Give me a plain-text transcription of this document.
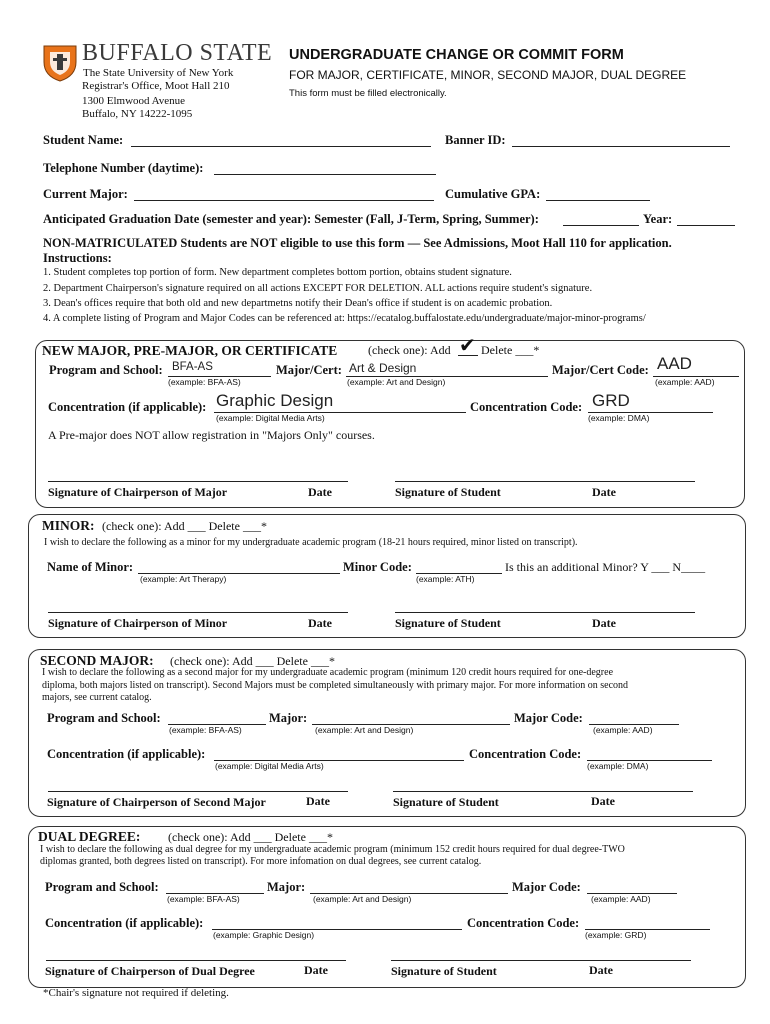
BUFFALO STATE
The State University of New York
Registrar's Office, Moot Hall 210
1300 Elmwood Avenue
Buffalo, NY 14222-1095
UNDERGRADUATE CHANGE OR COMMIT FORM
FOR MAJOR, CERTIFICATE, MINOR, SECOND MAJOR, DUAL DEGREE
This form must be filled electronically.
Student Name:	Banner ID:
Telephone Number (daytime):
Current Major:	Cumulative GPA:
Anticipated Graduation Date (semester and year): Semester (Fall, J-Term, Spring, Summer):	Year:
NON-MATRICULATED Students are NOT eligible to use this form — See Admissions, Moot Hall 110 for application.
Instructions:
1. Student completes top portion of form. New department completes bottom portion, obtains student signature.
2. Department Chairperson's signature required on all actions EXCEPT FOR DELETION. ALL actions require student's signature.
3. Dean's offices require that both old and new departmetns notify their Dean's office if student is on academic probation.
4. A complete listing of Program and Major Codes can be referenced at: https://ecatalog.buffalostate.edu/undergraduate/major-minor-programs/
NEW MAJOR, PRE-MAJOR, OR CERTIFICATE	(check one): Add ✔ Delete ___*
Program and School: BFA-AS
(example: BFA-AS)
Major/Cert: Art & Design
(example: Art and Design)
Major/Cert Code: AAD
(example: AAD)
Concentration (if applicable): Graphic Design
(example: Digital Media Arts)
Concentration Code: GRD
(example: DMA)
A Pre-major does NOT allow registration in "Majors Only" courses.
Signature of Chairperson of Major	Date	Signature of Student	Date
MINOR: (check one): Add ___ Delete ___*
I wish to declare the following as a minor for my undergraduate academic program (18-21 hours required, minor listed on transcript).
Name of Minor:
(example: Art Therapy)
Minor Code:
(example: ATH)
Is this an additional Minor? Y ___ N____
Signature of Chairperson of Minor	Date	Signature of Student	Date
SECOND MAJOR: (check one): Add ___ Delete ___*
I wish to declare the following as a second major for my undergraduate academic program (minimum 120 credit hours required for one-degree
diploma, both majors listed on transcript). Second Majors must be completed simultaneously with primary major. For more information on second
majors, see current catalog.
Program and School:
(example: BFA-AS)
Major:
(example: Art and Design)
Major Code:
(example: AAD)
Concentration (if applicable):
(example: Digital Media Arts)
Concentration Code:
(example: DMA)
Signature of Chairperson of Second Major	Date	Signature of Student	Date
DUAL DEGREE: (check one): Add ___ Delete ___*
I wish to declare the following as dual degree for my undergraduate academic program (minimum 152 credit hours required for dual degree-TWO
diplomas granted, both degrees listed on transcript). For more infomation on dual degrees, see current catalog.
Program and School:
(example: BFA-AS)
Major:
(example: Art and Design)
Major Code:
(example: AAD)
Concentration (if applicable):
(example: Graphic Design)
Concentration Code:
(example: GRD)
Signature of Chairperson of Dual Degree	Date	Signature of Student	Date
*Chair's signature not required if deleting.
